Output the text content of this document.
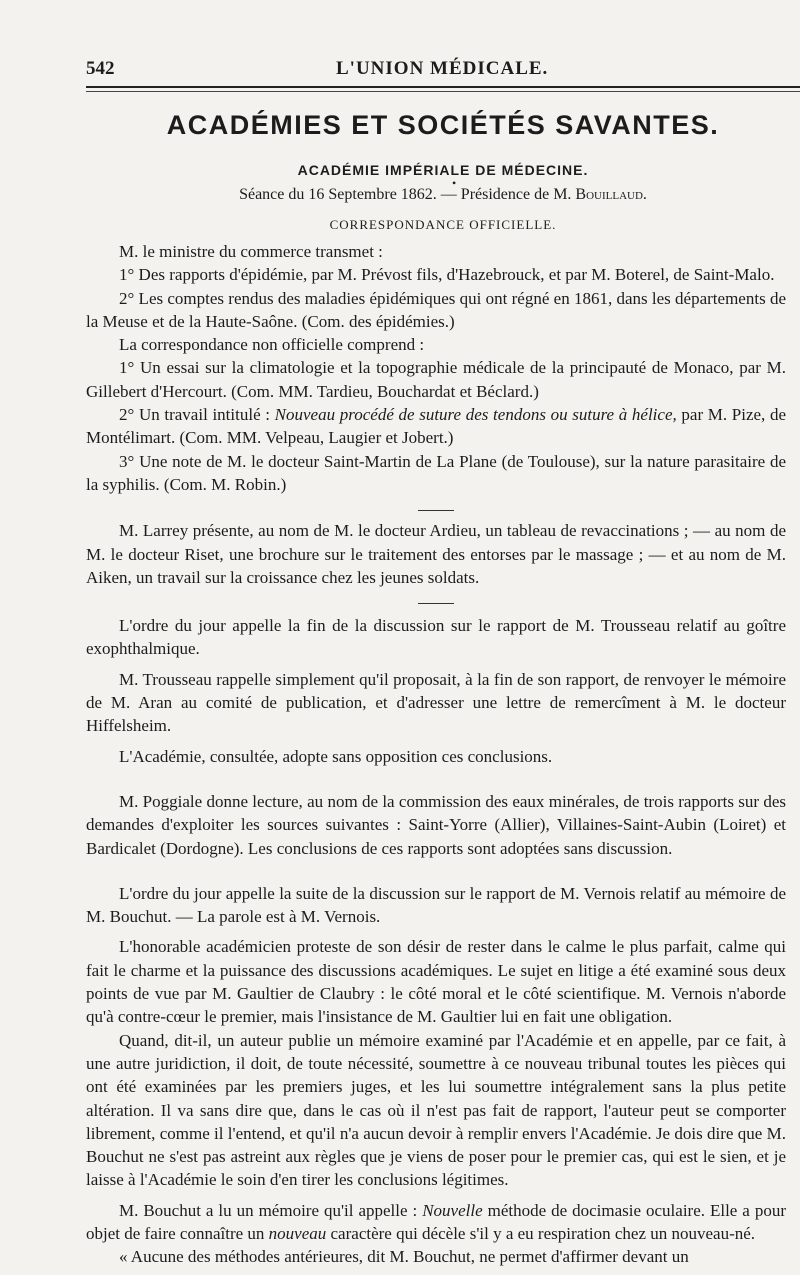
542	L'UNION MÉDICALE.
ACADÉMIES ET SOCIÉTÉS SAVANTES.
ACADÉMIE IMPÉRIALE DE MÉDECINE.
•
Séance du 16 Septembre 1862. — Présidence de M. Bouillaud.
CORRESPONDANCE OFFICIELLE.

M. le ministre du commerce transmet :

1° Des rapports d'épidémie, par M. Prévost fils, d'Hazebrouck, et par M. Boterel, de Saint-Malo.

2° Les comptes rendus des maladies épidémiques qui ont régné en 1861, dans les départements de la Meuse et de la Haute-Saône. (Com. des épidémies.)

La correspondance non officielle comprend :

1° Un essai sur la climatologie et la topographie médicale de la principauté de Monaco, par M. Gillebert d'Hercourt. (Com. MM. Tardieu, Bouchardat et Béclard.)

2° Un travail intitulé : Nouveau procédé de suture des tendons ou suture à hélice, par M. Pize, de Montélimart. (Com. MM. Velpeau, Laugier et Jobert.)

3° Une note de M. le docteur Saint-Martin de La Plane (de Toulouse), sur la nature parasitaire de la syphilis. (Com. M. Robin.)

M. Larrey présente, au nom de M. le docteur Ardieu, un tableau de revaccinations ; — au nom de M. le docteur Riset, une brochure sur le traitement des entorses par le massage ; — et au nom de M. Aiken, un travail sur la croissance chez les jeunes soldats.

L'ordre du jour appelle la fin de la discussion sur le rapport de M. Trousseau relatif au goître exophthalmique.

M. Trousseau rappelle simplement qu'il proposait, à la fin de son rapport, de renvoyer le mémoire de M. Aran au comité de publication, et d'adresser une lettre de remercîment à M. le docteur Hiffelsheim.

L'Académie, consultée, adopte sans opposition ces conclusions.

M. Poggiale donne lecture, au nom de la commission des eaux minérales, de trois rapports sur des demandes d'exploiter les sources suivantes : Saint-Yorre (Allier), Villaines-Saint-Aubin (Loiret) et Bardicalet (Dordogne). Les conclusions de ces rapports sont adoptées sans discussion.

L'ordre du jour appelle la suite de la discussion sur le rapport de M. Vernois relatif au mémoire de M. Bouchut. — La parole est à M. Vernois.

L'honorable académicien proteste de son désir de rester dans le calme le plus parfait, calme qui fait le charme et la puissance des discussions académiques. Le sujet en litige a été examiné sous deux points de vue par M. Gaultier de Claubry : le côté moral et le côté scientifique. M. Vernois n'aborde qu'à contre-cœur le premier, mais l'insistance de M. Gaultier lui en fait une obligation.

Quand, dit-il, un auteur publie un mémoire examiné par l'Académie et en appelle, par ce fait, à une autre juridiction, il doit, de toute nécessité, soumettre à ce nouveau tribunal toutes les pièces qui ont été examinées par les premiers juges, et les lui soumettre intégralement sans la plus petite altération. Il va sans dire que, dans le cas où il n'est pas fait de rapport, l'auteur peut se comporter librement, comme il l'entend, et qu'il n'a aucun devoir à remplir envers l'Académie. Je dois dire que M. Bouchut ne s'est pas astreint aux règles que je viens de poser pour le premier cas, qui est le sien, et je laisse à l'Académie le soin d'en tirer les conclusions légitimes.

M. Bouchut a lu un mémoire qu'il appelle : Nouvelle méthode de docimasie oculaire. Elle a pour objet de faire connaître un nouveau caractère qui décèle s'il y a eu respiration chez un nouveau-né.

« Aucune des méthodes antérieures, dit M. Bouchut, ne permet d'affirmer devant un
